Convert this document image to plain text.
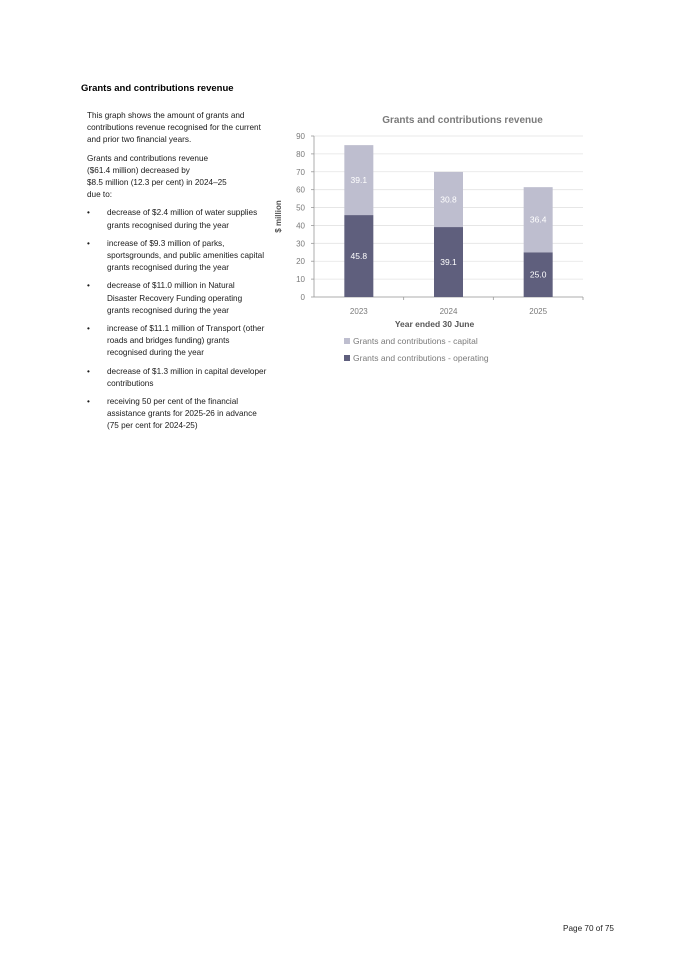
Grants and contributions revenue

This graph shows the amount of grants and contributions revenue recognised for the current and prior two financial years.

Grants and contributions revenue
($61.4 million) decreased by
$8.5 million (12.3 per cent) in 2024–25
due to:
• decrease of $2.4 million of water supplies grants recognised during the year
• increase of $9.3 million of parks, sportsgrounds, and public amenities capital grants recognised during the year
• decrease of $11.0 million in Natural Disaster Recovery Funding operating grants recognised during the year
• increase of $11.1 million of Transport (other roads and bridges funding) grants recognised during the year
• decrease of $1.3 million in capital developer contributions
• receiving 50 per cent of the financial assistance grants for 2025-26 in advance (75 per cent for 2024-25)
Grants and contributions revenue
0
10
20
30
40
50
60
70
80
90
$ million
45.8
39.1
2023
39.1
30.8
2024
25.0
36.4
2025
Year ended 30 June
Grants and contributions - capital
Grants and contributions - operating
Page 70 of 75
